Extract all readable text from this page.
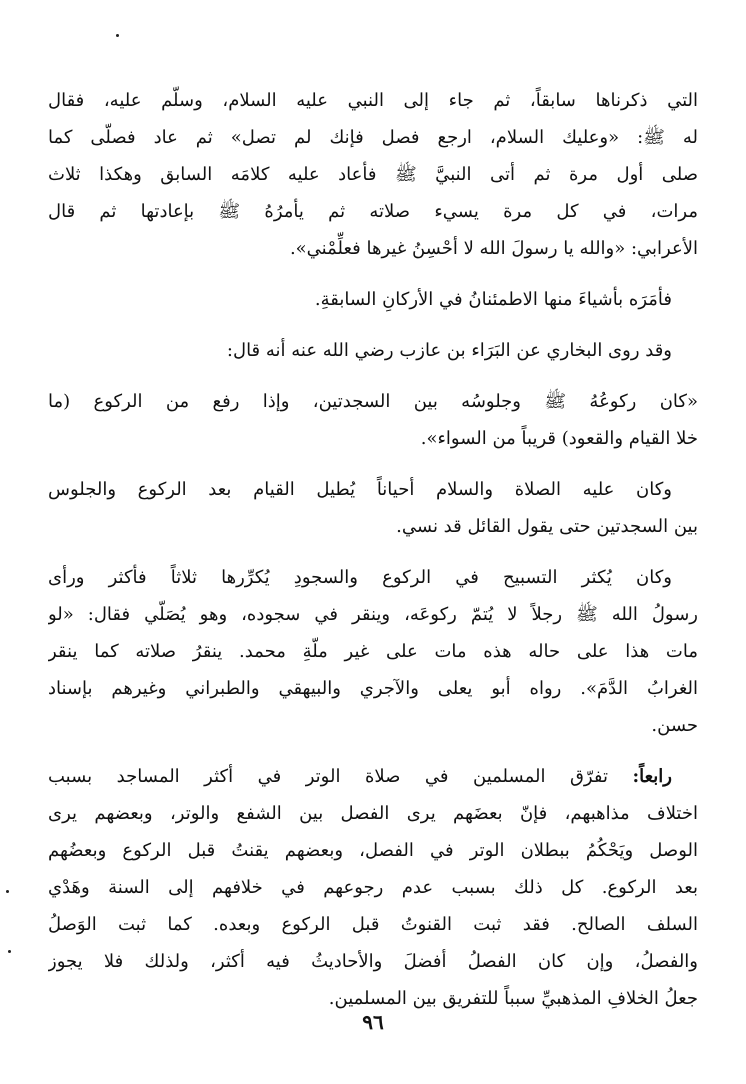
التي ذكرناها سابقاً، ثم جاء إلى النبي عليه السلام، وسلّم عليه، فقال
له ﷺ: «وعليك السلام، ارجع فصل فإنك لم تصل» ثم عاد فصلّى كما
صلى أول مرة ثم أتى النبيَّ ﷺ فأعاد عليه كلامَه السابق وهكذا ثلاث
مرات، في كل مرة يسيء صلاته ثم يأمرُهُ ﷺ بإعادتها ثم قال
الأعرابي: «والله يا رسولَ الله لا أحْسِنُ غيرها فعلِّمْني».
فأمَرَه بأشياءَ منها الاطمئنانُ في الأركانِ السابقةِ.
وقد روى البخاري عن البَرَاء بن عازب رضي الله عنه أنه قال:
«كان ركوعُهُ ﷺ وجلوسُه بين السجدتين، وإذا رفع من الركوع (ما
خلا القيام والقعود) قريباً من السواء».
وكان عليه الصلاة والسلام أحياناً يُطيل القيام بعد الركوع والجلوس
بين السجدتين حتى يقول القائل قد نسي.
وكان يُكثر التسبيح في الركوع والسجودِ يُكرِّرها ثلاثاً فأكثر ورأى
رسولُ الله ﷺ رجلاً لا يُتمّ ركوعَه، وينقر في سجوده، وهو يُصَلّي فقال: «لو
مات هذا على حاله هذه مات على غير ملّةِ محمد. ينقرُ صلاته كما ينقر
الغرابُ الدَّمَ». رواه أبو يعلى والآجري والبيهقي والطبراني وغيرهم بإسناد
حسن.
رابعاً: تفرّق المسلمين في صلاة الوتر في أكثر المساجد بسبب
اختلاف مذاهبهم، فإنّ بعضَهم يرى الفصل بين الشفع والوتر، وبعضهم يرى
الوصل ويَحْكُمُ ببطلان الوتر في الفصل، وبعضهم يقنتُ قبل الركوع وبعضُهم
بعد الركوع. كل ذلك بسبب عدم رجوعهم في خلافهم إلى السنة وهَدْي
السلف الصالح. فقد ثبت القنوتُ قبل الركوع وبعده. كما ثبت الوَصلُ
والفصلُ، وإن كان الفصلُ أفضلَ والأحاديثُ فيه أكثر، ولذلك فلا يجوز
جعلُ الخلافِ المذهبيِّ سبباً للتفريق بين المسلمين.
٩٦
